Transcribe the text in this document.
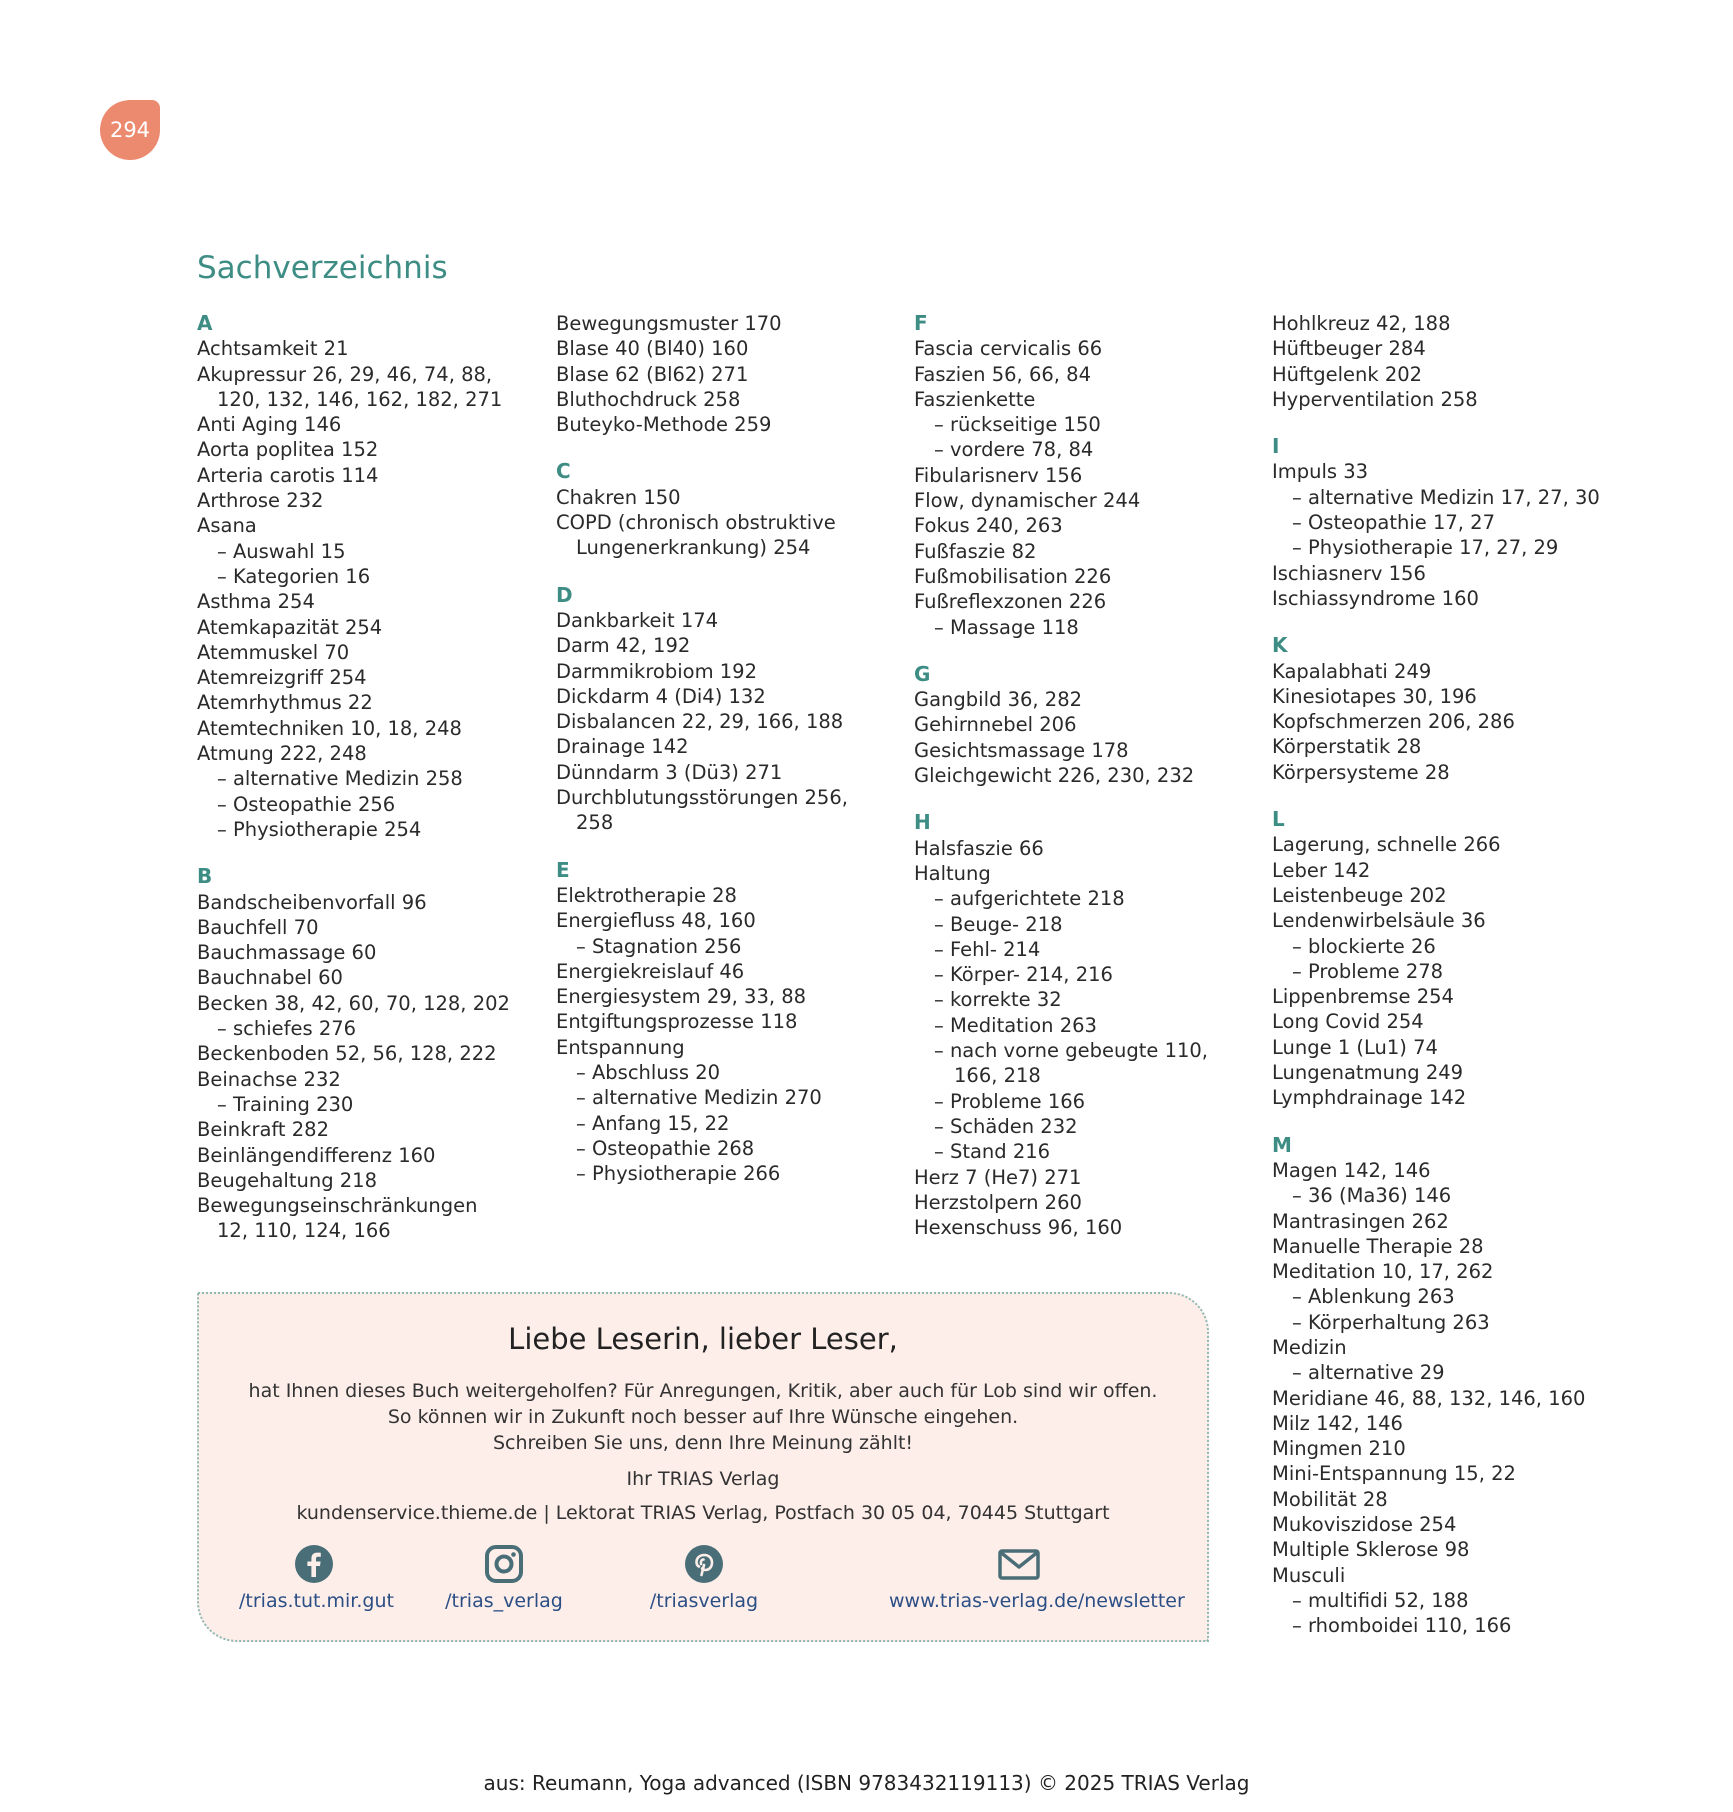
294
Sachverzeichnis
A
Achtsamkeit 21
Akupressur 26, 29, 46, 74, 88,
120, 132, 146, 162, 182, 271
Anti Aging 146
Aorta poplitea 152
Arteria carotis 114
Arthrose 232
Asana
– Auswahl 15
– Kategorien 16
Asthma 254
Atemkapazität 254
Atemmuskel 70
Atemreizgriff 254
Atemrhythmus 22
Atemtechniken 10, 18, 248
Atmung 222, 248
– alternative Medizin 258
– Osteopathie 256
– Physiotherapie 254
B
Bandscheibenvorfall 96
Bauchfell 70
Bauchmassage 60
Bauchnabel 60
Becken 38, 42, 60, 70, 128, 202
– schiefes 276
Beckenboden 52, 56, 128, 222
Beinachse 232
– Training 230
Beinkraft 282
Beinlängendifferenz 160
Beugehaltung 218
Bewegungseinschränkungen
12, 110, 124, 166
Bewegungsmuster 170
Blase 40 (Bl40) 160
Blase 62 (Bl62) 271
Bluthochdruck 258
Buteyko-Methode 259
C
Chakren 150
COPD (chronisch obstruktive
Lungenerkrankung) 254
D
Dankbarkeit 174
Darm 42, 192
Darmmikrobiom 192
Dickdarm 4 (Di4) 132
Disbalancen 22, 29, 166, 188
Drainage 142
Dünndarm 3 (Dü3) 271
Durchblutungsstörungen 256,
258
E
Elektrotherapie 28
Energiefluss 48, 160
– Stagnation 256
Energiekreislauf 46
Energiesystem 29, 33, 88
Entgiftungsprozesse 118
Entspannung
– Abschluss 20
– alternative Medizin 270
– Anfang 15, 22
– Osteopathie 268
– Physiotherapie 266
F
Fascia cervicalis 66
Faszien 56, 66, 84
Faszienkette
– rückseitige 150
– vordere 78, 84
Fibularisnerv 156
Flow, dynamischer 244
Fokus 240, 263
Fußfaszie 82
Fußmobilisation 226
Fußreflexzonen 226
– Massage 118
G
Gangbild 36, 282
Gehirnnebel 206
Gesichtsmassage 178
Gleichgewicht 226, 230, 232
H
Halsfaszie 66
Haltung
– aufgerichtete 218
– Beuge- 218
– Fehl- 214
– Körper- 214, 216
– korrekte 32
– Meditation 263
– nach vorne gebeugte 110,
166, 218
– Probleme 166
– Schäden 232
– Stand 216
Herz 7 (He7) 271
Herzstolpern 260
Hexenschuss 96, 160
Hohlkreuz 42, 188
Hüftbeuger 284
Hüftgelenk 202
Hyperventilation 258
I
Impuls 33
– alternative Medizin 17, 27, 30
– Osteopathie 17, 27
– Physiotherapie 17, 27, 29
Ischiasnerv 156
Ischiassyndrome 160
K
Kapalabhati 249
Kinesiotapes 30, 196
Kopfschmerzen 206, 286
Körperstatik 28
Körpersysteme 28
L
Lagerung, schnelle 266
Leber 142
Leistenbeuge 202
Lendenwirbelsäule 36
– blockierte 26
– Probleme 278
Lippenbremse 254
Long Covid 254
Lunge 1 (Lu1) 74
Lungenatmung 249
Lymphdrainage 142
M
Magen 142, 146
– 36 (Ma36) 146
Mantrasingen 262
Manuelle Therapie 28
Meditation 10, 17, 262
– Ablenkung 263
– Körperhaltung 263
Medizin
– alternative 29
Meridiane 46, 88, 132, 146, 160
Milz 142, 146
Mingmen 210
Mini-Entspannung 15, 22
Mobilität 28
Mukoviszidose 254
Multiple Sklerose 98
Musculi
– multifidi 52, 188
– rhomboidei 110, 166
Liebe Leserin, lieber Leser,

hat Ihnen dieses Buch weitergeholfen? Für Anregungen, Kritik, aber auch für Lob sind wir offen.
So können wir in Zukunft noch besser auf Ihre Wünsche eingehen.
Schreiben Sie uns, denn Ihre Meinung zählt!

Ihr TRIAS Verlag

kundenservice.thieme.de | Lektorat TRIAS Verlag, Postfach 30 05 04, 70445 Stuttgart

/trias.tut.mir.gut	/trias_verlag	/triasverlag	www.trias-verlag.de/newsletter
aus: Reumann, Yoga advanced (ISBN 9783432119113) © 2025 TRIAS Verlag
